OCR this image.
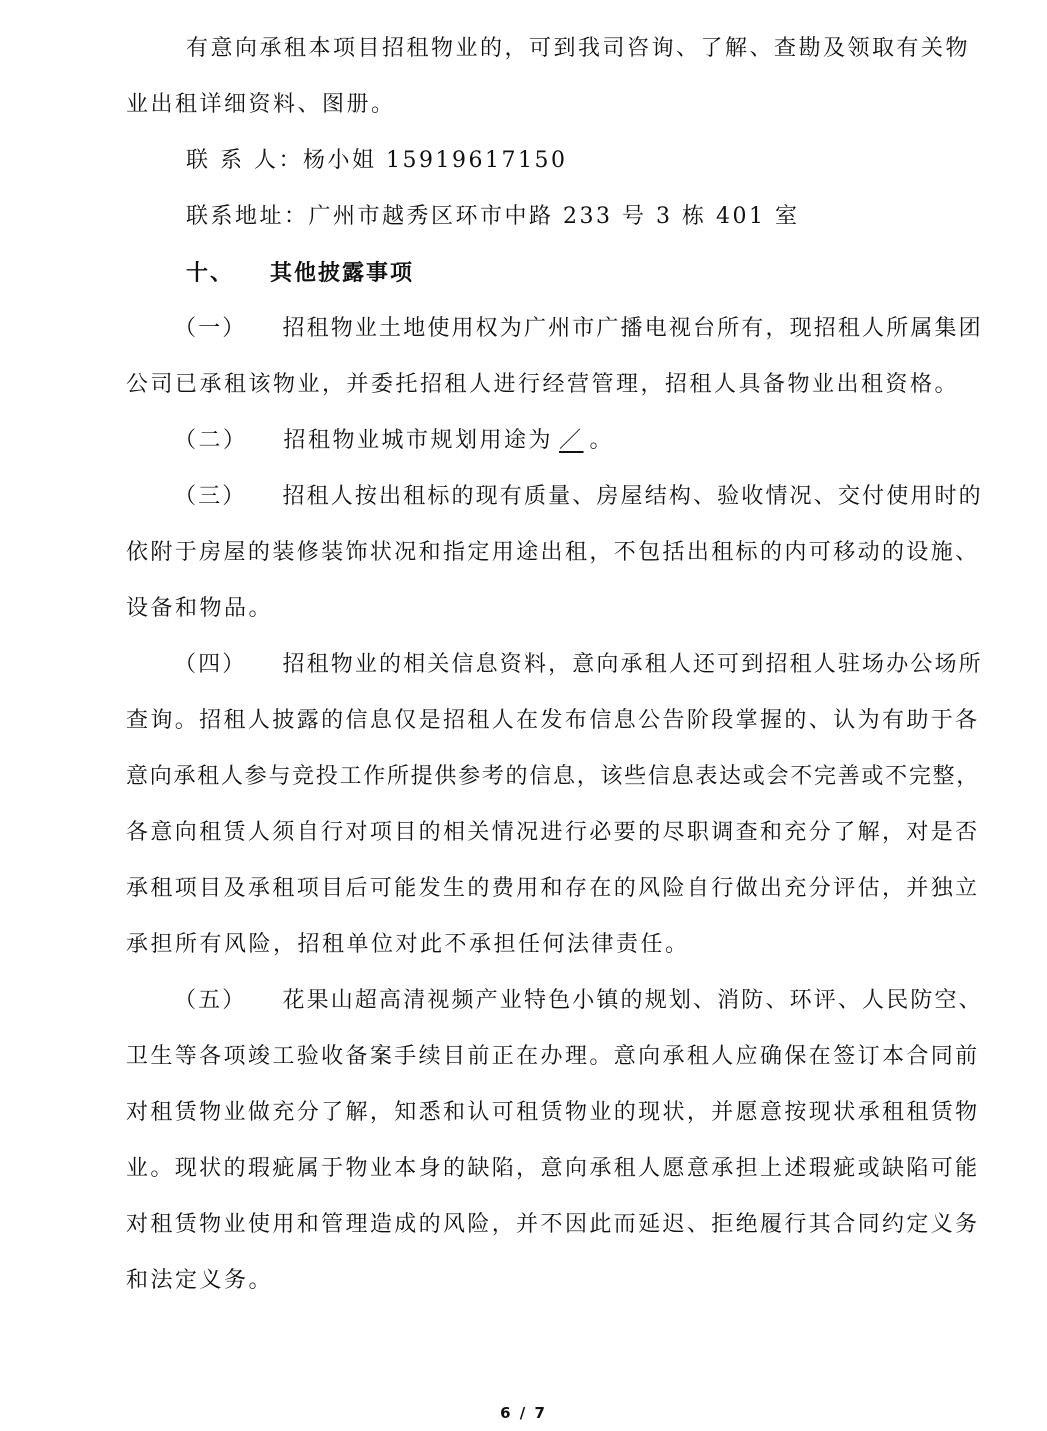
有意向承租本项目招租物业的，可到我司咨询、了解、查勘及领取有关物
业出租详细资料、图册。
联 系 人：杨小姐 15919617150
联系地址：广州市越秀区环市中路 233 号 3 栋 401 室
十、 其他披露事项
（一） 招租物业土地使用权为广州市广播电视台所有，现招租人所属集团
公司已承租该物业，并委托招租人进行经营管理，招租人具备物业出租资格。
（二） 招租物业城市规划用途为 ／ 。
（三） 招租人按出租标的现有质量、房屋结构、验收情况、交付使用时的
依附于房屋的装修装饰状况和指定用途出租，不包括出租标的内可移动的设施、
设备和物品。
（四） 招租物业的相关信息资料，意向承租人还可到招租人驻场办公场所
查询。招租人披露的信息仅是招租人在发布信息公告阶段掌握的、认为有助于各
意向承租人参与竞投工作所提供参考的信息，该些信息表达或会不完善或不完整，
各意向租赁人须自行对项目的相关情况进行必要的尽职调查和充分了解，对是否
承租项目及承租项目后可能发生的费用和存在的风险自行做出充分评估，并独立
承担所有风险，招租单位对此不承担任何法律责任。
（五） 花果山超高清视频产业特色小镇的规划、消防、环评、人民防空、
卫生等各项竣工验收备案手续目前正在办理。意向承租人应确保在签订本合同前
对租赁物业做充分了解，知悉和认可租赁物业的现状，并愿意按现状承租租赁物
业。现状的瑕疵属于物业本身的缺陷，意向承租人愿意承担上述瑕疵或缺陷可能
对租赁物业使用和管理造成的风险，并不因此而延迟、拒绝履行其合同约定义务
和法定义务。
6 / 7
